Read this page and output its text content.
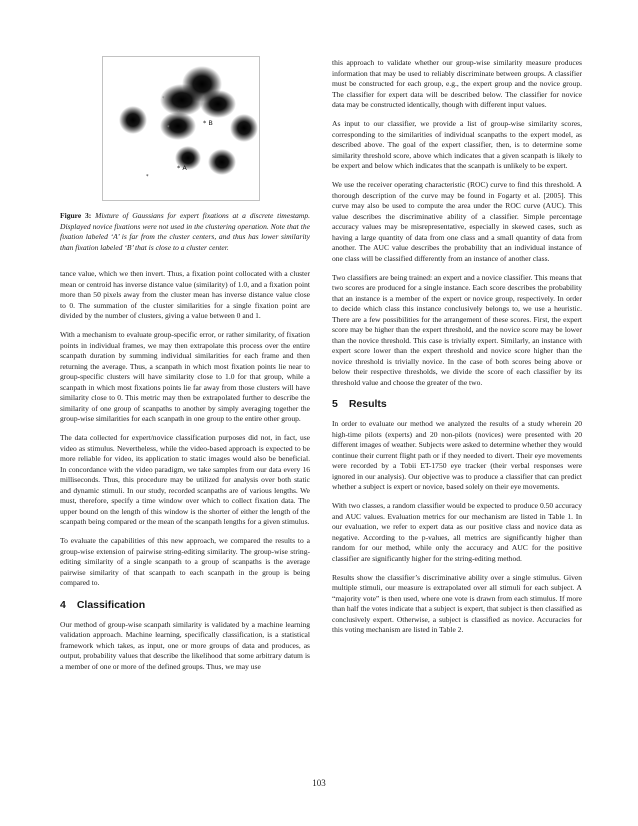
*
*
*
*
* B
* A

Figure 3: Mixture of Gaussians for expert fixations at a discrete timestamp. Displayed novice fixations were not used in the clustering operation. Note that the fixation labeled ‘A’ is far from the cluster centers, and thus has lower similarity than fixation labeled ‘B’ that is close to a cluster center.

tance value, which we then invert. Thus, a fixation point collocated with a cluster mean or centroid has inverse distance value (similarity) of 1.0, and a fixation point more than 50 pixels away from the cluster mean has inverse distance value close to 0. The summation of the cluster similarities for a single fixation point are divided by the number of clusters, giving a value between 0 and 1.

With a mechanism to evaluate group-specific error, or rather similarity, of fixation points in individual frames, we may then extrapolate this process over the entire scanpath duration by summing individual similarities for each frame and then returning the average. Thus, a scanpath in which most fixation points lie near to group-specific clusters will have similarity close to 1.0 for that group, while a scanpath in which most fixations points lie far away from those clusters will have similarity close to 0. This metric may then be extrapolated further to describe the similarity of one group of scanpaths to another by simply averaging together the group-wise similarities for each scanpath in one group to the entire other group.

The data collected for expert/novice classification purposes did not, in fact, use video as stimulus. Nevertheless, while the video-based approach is expected to be more reliable for video, its application to static images would also be beneficial. In concordance with the video paradigm, we take samples from our data every 16 milliseconds. Thus, this procedure may be utilized for analysis over both static and dynamic stimuli. In our study, recorded scanpaths are of various lengths. We must, therefore, specify a time window over which to collect fixation data. The upper bound on the length of this window is the shorter of either the length of the scanpath being compared or the mean of the scanpath lengths for a given stimulus.

To evaluate the capabilities of this new approach, we compared the results to a group-wise extension of pairwise string-editing similarity. The group-wise string-editing similarity of a single scanpath to a group of scanpaths is the average pairwise similarity of that scanpath to each scanpath in the group is being compared to.

4 Classification

Our method of group-wise scanpath similarity is validated by a machine learning validation approach. Machine learning, specifically classification, is a statistical framework which takes, as input, one or more groups of data and produces, as output, probability values that describe the likelihood that some arbitrary datum is a member of one or more of the defined groups. Thus, we may use

this approach to validate whether our group-wise similarity measure produces information that may be used to reliably discriminate between groups. A classifier must be constructed for each group, e.g., the expert group and the novice group. The classifier for expert data will be described below. The classifier for novice data may be constructed identically, though with different input values.

As input to our classifier, we provide a list of group-wise similarity scores, corresponding to the similarities of individual scanpaths to the expert model, as described above. The goal of the expert classifier, then, is to determine some similarity threshold score, above which indicates that a given scanpath is likely to be expert and below which indicates that the scanpath is unlikely to be expert.

We use the receiver operating characteristic (ROC) curve to find this threshold. A thorough description of the curve may be found in Fogarty et al. [2005]. This curve may also be used to compute the area under the ROC curve (AUC). This value describes the discriminative ability of a classifier. Simple percentage accuracy values may be misrepresentative, especially in skewed cases, such as having a large quantity of data from one class and a small quantity of data from another. The AUC value describes the probability that an individual instance of one class will be classified differently from an instance of another class.

Two classifiers are being trained: an expert and a novice classifier. This means that two scores are produced for a single instance. Each score describes the probability that an instance is a member of the expert or novice group, respectively. In order to decide which class this instance conclusively belongs to, we use a heuristic. There are a few possibilities for the arrangement of these scores. First, the expert score may be higher than the expert threshold, and the novice score may be lower than the novice threshold. This case is trivially expert. Similarly, an instance with expert score lower than the expert threshold and novice score higher than the novice threshold is trivially novice. In the case of both scores being above or below their respective thresholds, we divide the score of each classifier by its threshold value and choose the greater of the two.

5 Results

In order to evaluate our method we analyzed the results of a study wherein 20 high-time pilots (experts) and 20 non-pilots (novices) were presented with 20 different images of weather. Subjects were asked to determine whether they would continue their current flight path or if they needed to divert. Their eye movements were recorded by a Tobii ET-1750 eye tracker (their verbal responses were ignored in our analysis). Our objective was to produce a classifier that can predict whether a subject is expert or novice, based solely on their eye movements.

With two classes, a random classifier would be expected to produce 0.50 accuracy and AUC values. Evaluation metrics for our mechanism are listed in Table 1. In our evaluation, we refer to expert data as our positive class and novice data as negative. According to the p-values, all metrics are significantly higher than random for our method, while only the accuracy and AUC for the positive classifier are significantly higher for the string-editing method.

Results show the classifier’s discriminative ability over a single stimulus. Given multiple stimuli, our measure is extrapolated over all stimuli for each subject. A “majority vote” is then used, where one vote is drawn from each stimulus. If more than half the votes indicate that a subject is expert, that subject is then classified as conclusively expert. Otherwise, a subject is classified as novice. Accuracies for this voting mechanism are listed in Table 2.

103
